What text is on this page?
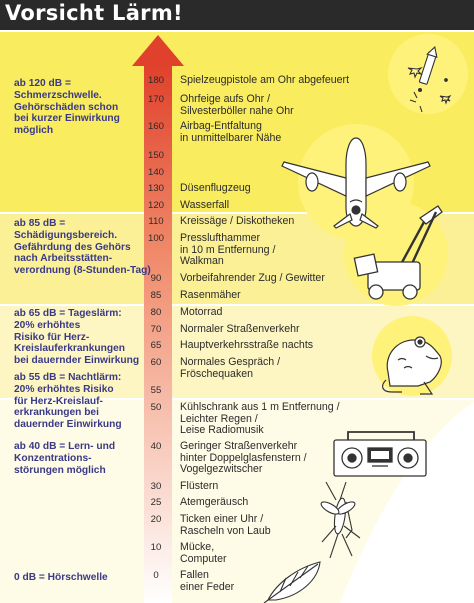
Vorsicht Lärm!
ab 120 dB =
Schmerzschwelle.
Gehörschäden schon
bei kurzer Einwirkung
möglich
ab 85 dB =
Schädigungsbereich.
Gefährdung des Gehörs
nach Arbeitsstätten-
verordnung (8-Stunden-Tag)
ab 65 dB = Tageslärm:
20% erhöhtes
Risiko für Herz-
Kreislauferkrankungen
bei dauernder Einwirkung
ab 55 dB = Nachtlärm:
20% erhöhtes Risiko
für Herz-Kreislauf-
erkrankungen bei
dauernder Einwirkung
ab 40 dB = Lern- und
Konzentrations-
störungen möglich
0 dB = Hörschwelle
180
170
160
150
140
130
120
110
100
90
85
80
70
65
60
55
50
40
30
25
20
10
0
Spielzeugpistole am Ohr abgefeuert
Ohrfeige aufs Ohr /
Silvesterböller nahe Ohr
Airbag-Entfaltung
in unmittelbarer Nähe
Düsenflugzeug
Wasserfall
Kreissäge / Diskotheken
Presslufthammer
in 10 m Entfernung /
Walkman
Vorbeifahrender Zug / Gewitter
Rasenmäher
Motorrad
Normaler Straßenverkehr
Hauptverkehrsstraße nachts
Normales Gespräch /
Fröschequaken
Kühlschrank aus 1 m Entfernung /
Leichter Regen /
Leise Radiomusik
Geringer Straßenverkehr
hinter Doppelglasfenstern /
Vogelgezwitscher
Flüstern
Atemgeräusch
Ticken einer Uhr /
Rascheln von Laub
Mücke,
Computer
Fallen
einer Feder
